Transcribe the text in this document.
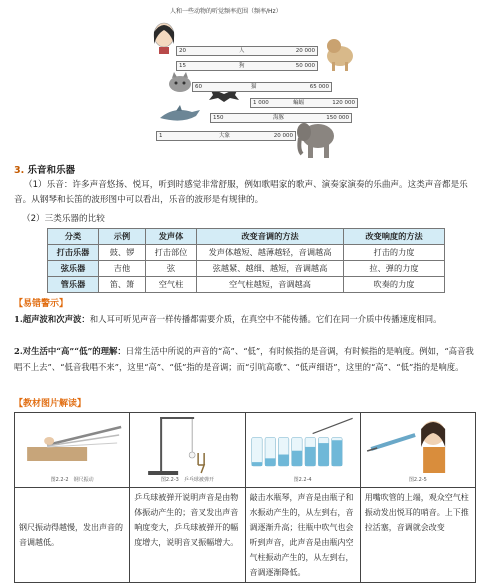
人和一些动物的听觉频率范围（频率/Hz）
20	人	20 000
15	狗	50 000
60	猫	65 000
1 000	蝙蝠	120 000
150	海豚	150 000
1	大象	20 000
3. 乐音和乐器
（1）乐音：许多声音悠扬、悦耳，听到时感觉非常舒服，例如歌唱家的歌声、演奏家演奏的乐曲声。这类声音都是乐音。从钢琴和长笛的波形图中可以看出，乐音的波形是有规律的。
（2）三类乐器的比较
分类	示例	发声体	改变音调的方法	改变响度的方法
打击乐器	鼓、锣	打击部位	发声体越短、越薄越轻，音调越高	打击的力度
弦乐器	吉他	弦	弦越紧、越细、越短，音调越高	拉、弹的力度
管乐器	笛、箫	空气柱	空气柱越短，音调越高	吹奏的力度
【易错警示】
1.超声波和次声波：和人耳可听见声音一样传播都需要介质，在真空中不能传播。它们在同一介质中传播速度相同。
2.对生活中“高”“低”的理解：日常生活中所说的声音的“高”、“低”，有时候指的是音调，有时候指的是响度。例如，“高音我唱不上去”、“低音我唱不来”，这里“高”、“低”指的是音调；而“引吭高歌”、“低声细语”，这里的“高”、“低”指的是响度。
【教材图片解读】
图2.2-2　钢尺振动	图2.2-3　乒乓球被弹开	图2.2-4	图2.2-5

钢尺振动得越慢，发出声音的音调越低。	乒乓球被弹开说明声音是由物体振动产生的；音叉发出声音响度变大，乒乓球被弹开的幅度增大，说明音叉振幅增大。	敲击水瓶琴，声音是由瓶子和水振动产生的，从左到右，音调逐渐升高；往瓶中吹气也会听到声音，此声音是由瓶内空气柱振动产生的，从左到右，音调逐渐降低。	用嘴吹管的上端，观众空气柱振动发出悦耳的哨音。上下推拉活塞，音调就会改变
